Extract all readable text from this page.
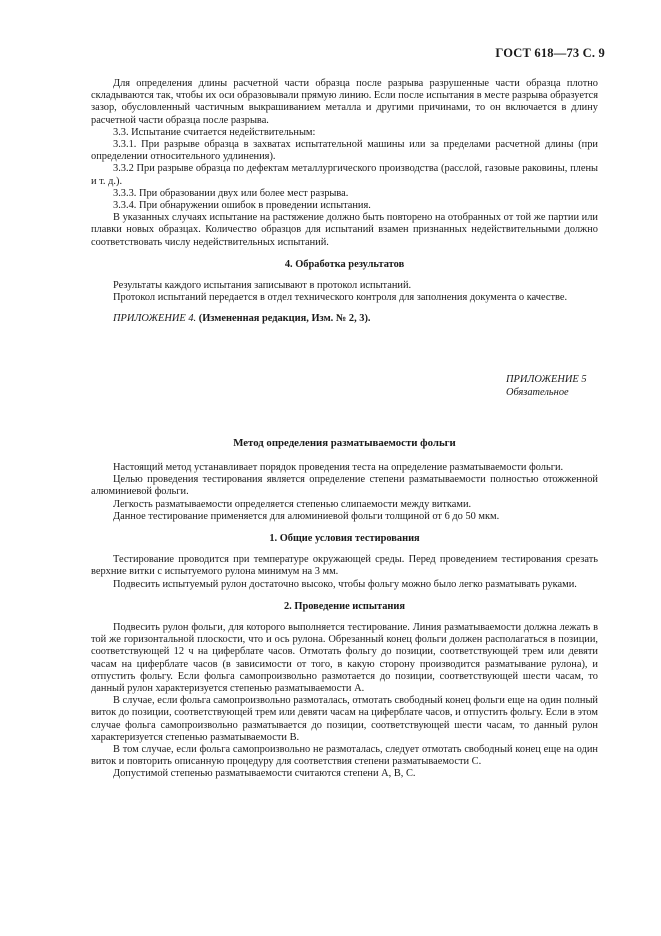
ГОСТ 618—73 С. 9

Для определения длины расчетной части образца после разрыва разрушенные части образца плотно складываются так, чтобы их оси образовывали прямую линию. Если после испытания в месте разрыва образуется зазор, обусловленный частичным выкрашиванием металла и другими причинами, то он включается в длину расчетной части образца после разрыва.

3.3. Испытание считается недействительным:

3.3.1. При разрыве образца в захватах испытательной машины или за пределами расчетной длины (при определении относительного удлинения).

3.3.2 При разрыве образца по дефектам металлургического производства (расслой, газовые раковины, плены и т. д.).

3.3.3. При образовании двух или более мест разрыва.

3.3.4. При обнаружении ошибок в проведении испытания.

В указанных случаях испытание на растяжение должно быть повторено на отобранных от той же партии или плавки новых образцах. Количество образцов для испытаний взамен признанных недействительными должно соответствовать числу недействительных испытаний.

4. Обработка результатов

Результаты каждого испытания записывают в протокол испытаний.

Протокол испытаний передается в отдел технического контроля для заполнения документа о качестве.

ПРИЛОЖЕНИЕ 4. (Измененная редакция, Изм. № 2, 3).

ПРИЛОЖЕНИЕ 5
Обязательное
Метод определения разматываемости фольги

Настоящий метод устанавливает порядок проведения теста на определение разматываемости фольги.

Целью проведения тестирования является определение степени разматываемости полностью отожженной алюминиевой фольги.

Легкость разматываемости определяется степенью слипаемости между витками.

Данное тестирование применяется для алюминиевой фольги толщиной от 6 до 50 мкм.

1. Общие условия тестирования

Тестирование проводится при температуре окружающей среды. Перед проведением тестирования срезать верхние витки с испытуемого рулона минимум на 3 мм.

Подвесить испытуемый рулон достаточно высоко, чтобы фольгу можно было легко разматывать руками.

2. Проведение испытания

Подвесить рулон фольги, для которого выполняется тестирование. Линия разматываемости должна лежать в той же горизонтальной плоскости, что и ось рулона. Обрезанный конец фольги должен располагаться в позиции, соответствующей 12 ч на циферблате часов. Отмотать фольгу до позиции, соответствующей трем или девяти часам на циферблате часов (в зависимости от того, в какую сторону производится разматывание рулона), и отпустить фольгу. Если фольга самопроизвольно размотается до позиции, соответствующей шести часам, то данный рулон характеризуется степенью разматываемости А.

В случае, если фольга самопроизвольно размоталась, отмотать свободный конец фольги еще на один полный виток до позиции, соответствующей трем или девяти часам на циферблате часов, и отпустить фольгу. Если в этом случае фольга самопроизвольно разматывается до позиции, соответствующей шести часам, то данный рулон характеризуется степенью разматываемости В.

В том случае, если фольга самопроизвольно не размоталась, следует отмотать свободный конец еще на один виток и повторить описанную процедуру для соответствия степени разматываемости С.

Допустимой степенью разматываемости считаются степени А, В, С.
